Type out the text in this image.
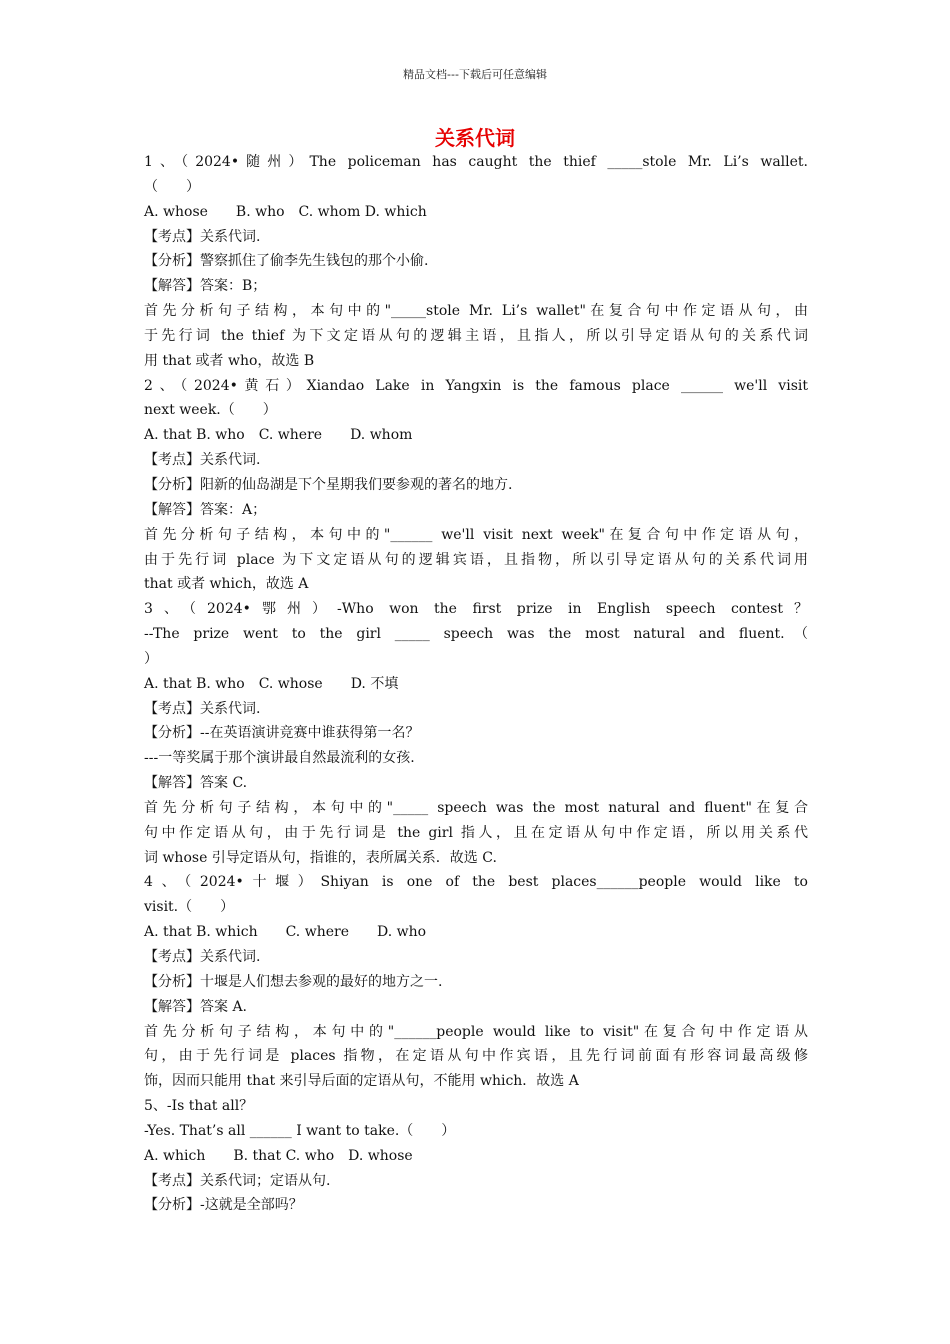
精品文档---下载后可任意编辑
关系代词
1、（2024•随州）The policeman has caught the thief _____stole Mr. Li’s wallet.
（　　）
A. whose　　B. who　C. whom D. which
【考点】关系代词.
【分析】警察抓住了偷李先生钱包的那个小偷.
【解答】答案：B；
首先分析句子结构，本句中的"_____stole Mr. Li’s wallet"在复合句中作定语从句，由
于先行词 the thief 为下文定语从句的逻辑主语，且指人，所以引导定语从句的关系代词
用 that 或者 who，故选 B
2、（2024•黄石）Xiandao Lake in Yangxin is the famous place ______ we'll visit
next week.（　　）
A. that B. who　C. where　　D. whom
【考点】关系代词.
【分析】阳新的仙岛湖是下个星期我们要参观的著名的地方.
【解答】答案：A；
首先分析句子结构，本句中的"______ we'll visit next week"在复合句中作定语从句，
由于先行词 place 为下文定语从句的逻辑宾语，且指物，所以引导定语从句的关系代词用
that 或者 which，故选 A
3、（2024•鄂州）-Who won the first prize in English speech contest？
--The prize went to the girl _____ speech was the most natural and fluent.（
）
A. that B. who　C. whose　　D. 不填
【考点】关系代词.
【分析】--在英语演讲竞赛中谁获得第一名？
---一等奖属于那个演讲最自然最流利的女孩.
【解答】答案 C.
首先分析句子结构，本句中的"_____ speech was the most natural and fluent"在复合
句中作定语从句，由于先行词是 the girl 指人，且在定语从句中作定语，所以用关系代
词 whose 引导定语从句，指谁的，表所属关系．故选 C.
4、（2024•十堰）Shiyan is one of the best places______people would like to
visit.（　　）
A. that B. which　　C. where　　D. who
【考点】关系代词.
【分析】十堰是人们想去参观的最好的地方之一.
【解答】答案 A.
首先分析句子结构，本句中的"______people would like to visit"在复合句中作定语从
句，由于先行词是 places 指物，在定语从句中作宾语，且先行词前面有形容词最高级修
饰，因而只能用 that 来引导后面的定语从句，不能用 which．故选 A
5、-Is that all？
-Yes. That’s all ______ I want to take.（　　）
A. which　　B. that C. who　D. whose
【考点】关系代词；定语从句.
【分析】-这就是全部吗？
